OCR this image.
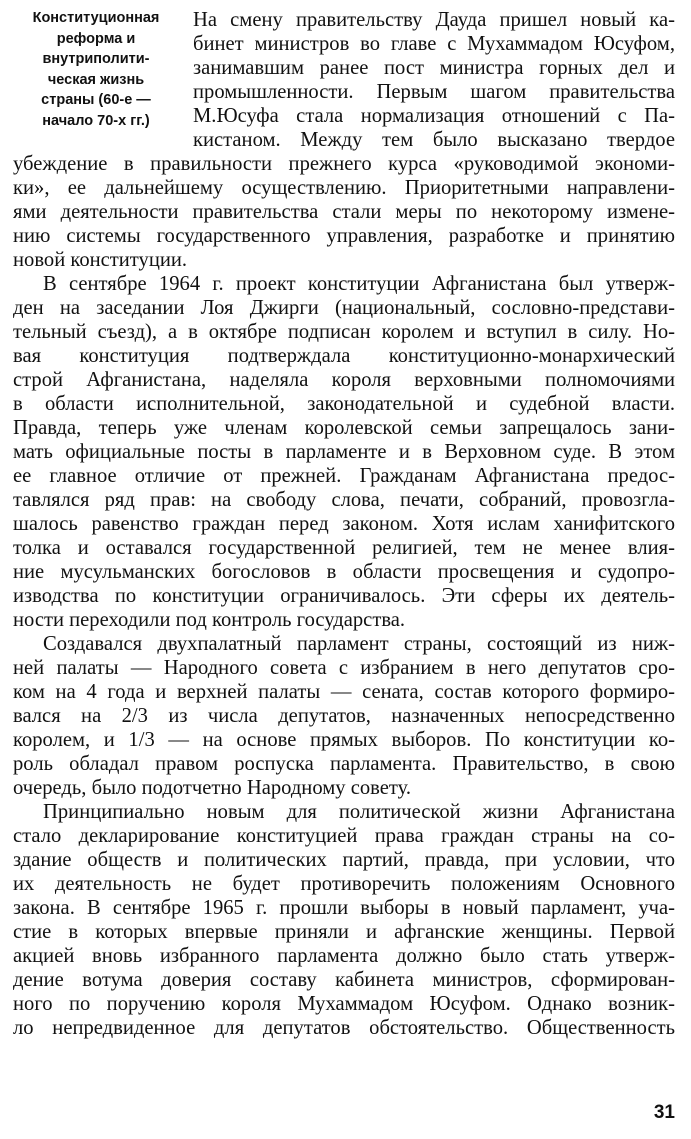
Конституционная
реформа и
внутриполити-
ческая жизнь
страны (60-е —
начало 70-х гг.)
На смену правительству Дауда пришел новый ка-
бинет министров во главе с Мухаммадом Юсуфом,
занимавшим ранее пост министра горных дел и
промышленности. Первым шагом правительства
М.Юсуфа стала нормализация отношений с Па-
кистаном. Между тем было высказано твердое
убеждение в правильности прежнего курса «руководимой экономи-
ки», ее дальнейшему осуществлению. Приоритетными направлени-
ями деятельности правительства стали меры по некоторому измене-
нию системы государственного управления, разработке и принятию
новой конституции.
В сентябре 1964 г. проект конституции Афганистана был утверж-
ден на заседании Лоя Джирги (национальный, сословно-представи-
тельный съезд), а в октябре подписан королем и вступил в силу. Но-
вая конституция подтверждала конституционно-монархический
строй Афганистана, наделяла короля верховными полномочиями
в области исполнительной, законодательной и судебной власти.
Правда, теперь уже членам королевской семьи запрещалось зани-
мать официальные посты в парламенте и в Верховном суде. В этом
ее главное отличие от прежней. Гражданам Афганистана предос-
тавлялся ряд прав: на свободу слова, печати, собраний, провозгла-
шалось равенство граждан перед законом. Хотя ислам ханифитского
толка и оставался государственной религией, тем не менее влия-
ние мусульманских богословов в области просвещения и судопро-
изводства по конституции ограничивалось. Эти сферы их деятель-
ности переходили под контроль государства.
Создавался двухпалатный парламент страны, состоящий из ниж-
ней палаты — Народного совета с избранием в него депутатов сро-
ком на 4 года и верхней палаты — сената, состав которого формиро-
вался на 2/3 из числа депутатов, назначенных непосредственно
королем, и 1/3 — на основе прямых выборов. По конституции ко-
роль обладал правом роспуска парламента. Правительство, в свою
очередь, было подотчетно Народному совету.
Принципиально новым для политической жизни Афганистана
стало декларирование конституцией права граждан страны на со-
здание обществ и политических партий, правда, при условии, что
их деятельность не будет противоречить положениям Основного
закона. В сентябре 1965 г. прошли выборы в новый парламент, уча-
стие в которых впервые приняли и афганские женщины. Первой
акцией вновь избранного парламента должно было стать утверж-
дение вотума доверия составу кабинета министров, сформирован-
ного по поручению короля Мухаммадом Юсуфом. Однако возник-
ло непредвиденное для депутатов обстоятельство. Общественность
31
